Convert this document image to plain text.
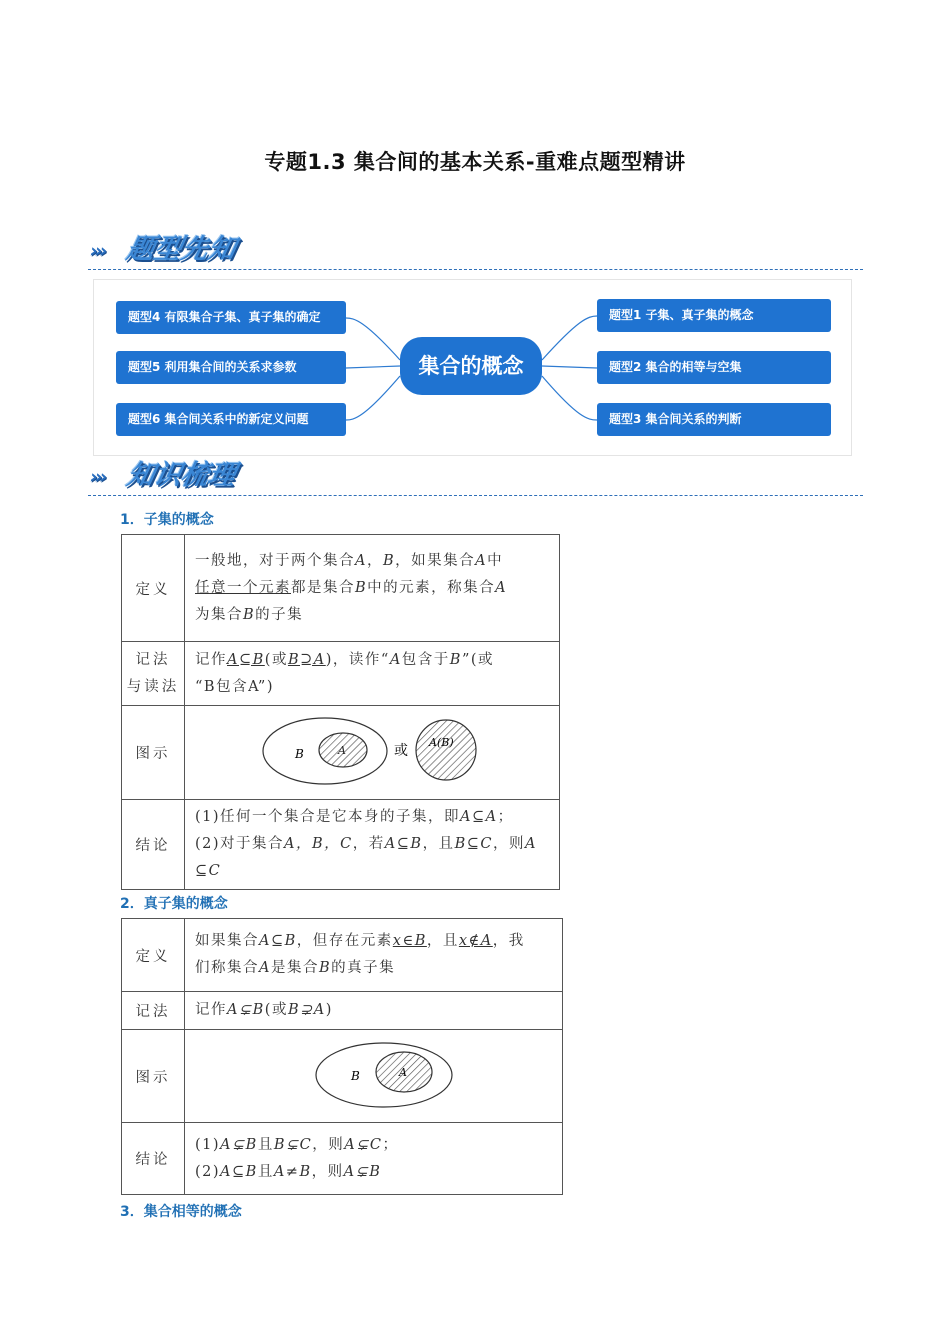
专题1.3 集合间的基本关系-重难点题型精讲
››› 题型先知
题型4 有限集合子集、真子集的确定
题型5 利用集合间的关系求参数
题型6 集合间关系中的新定义问题
集合的概念
题型1 子集、真子集的概念
题型2 集合的相等与空集
题型3 集合间关系的判断
››› 知识梳理
1．子集的概念
定义	一般地，对于两个集合A，B，如果集合A中
任意一个元素都是集合B中的元素，称集合A
为集合B的子集
记法
与读法	记作A⊆B(或B⊇A)，读作“A包含于B”(或
“B包含A”)
图示	B A 或
A(B)

结论	(1)任何一个集合是它本身的子集，即A⊆A；
(2)对于集合A，B，C，若A⊆B，且B⊆C，则A
⊆C
2．真子集的概念
定义	如果集合A⊆B，但存在元素x∈B，且x∉A，我
们称集合A是集合B的真子集
记法	记作A⊊B(或B⊋A)
图示	B A

结论	(1)A⊊B且B⊊C，则A⊊C；
(2)A⊆B且A≠B，则A⊊B
3．集合相等的概念
